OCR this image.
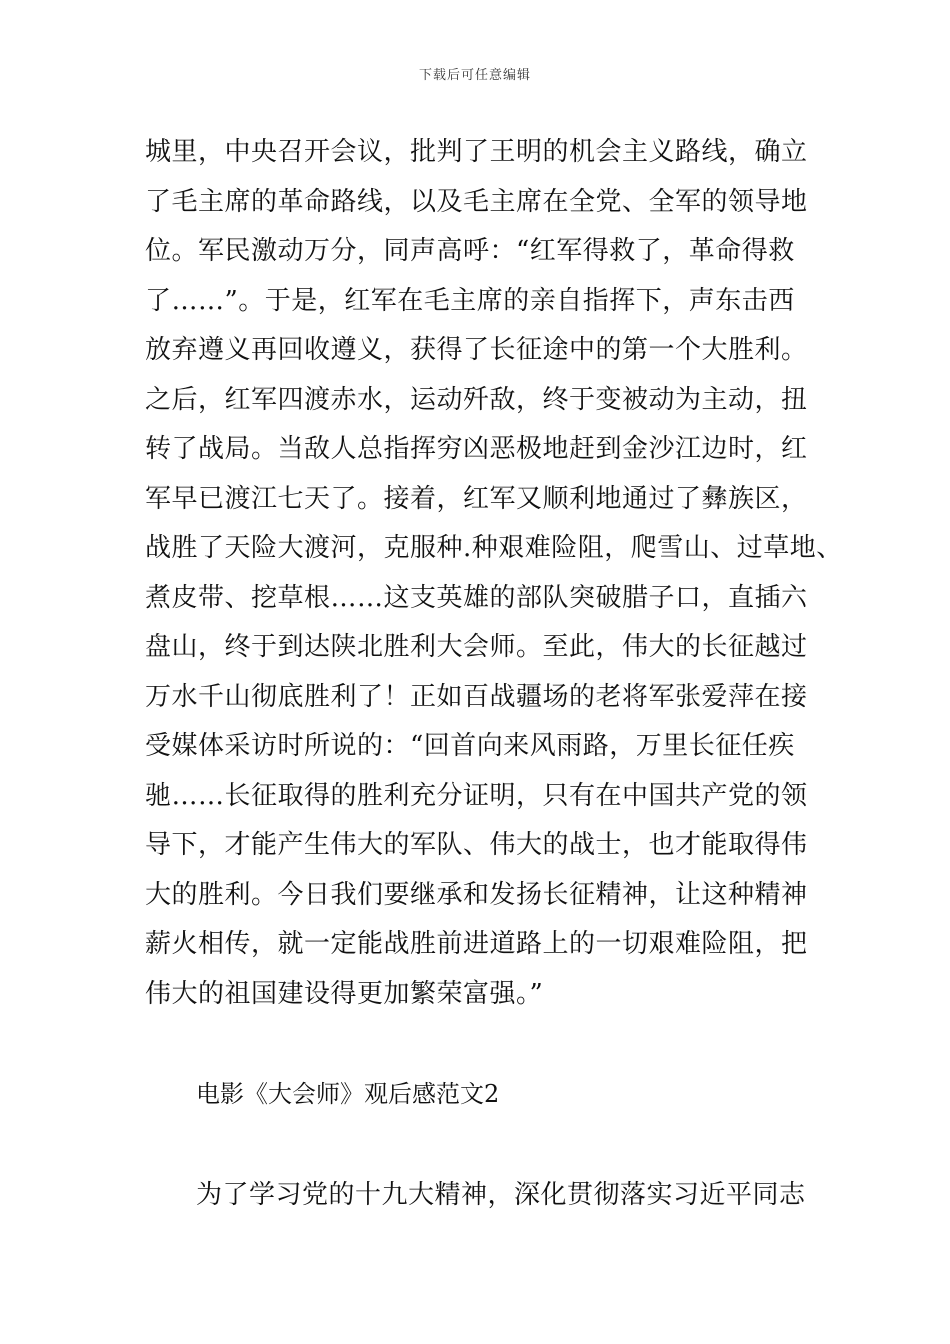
下载后可任意编辑
城里，中央召开会议，批判了王明的机会主义路线，确立
了毛主席的革命路线，以及毛主席在全党、全军的领导地
位。军民激动万分，同声高呼：“红军得救了，革命得救
了……”。于是，红军在毛主席的亲自指挥下，声东击西
放弃遵义再回收遵义，获得了长征途中的第一个大胜利。
之后，红军四渡赤水，运动歼敌，终于变被动为主动，扭
转了战局。当敌人总指挥穷凶恶极地赶到金沙江边时，红
军早已渡江七天了。接着，红军又顺利地通过了彝族区，
战胜了天险大渡河，克服种.种艰难险阻，爬雪山、过草地、
煮皮带、挖草根……这支英雄的部队突破腊子口，直插六
盘山，终于到达陕北胜利大会师。至此，伟大的长征越过
万水千山彻底胜利了！正如百战疆场的老将军张爱萍在接
受媒体采访时所说的：“回首向来风雨路，万里长征任疾
驰……长征取得的胜利充分证明，只有在中国共产党的领
导下，才能产生伟大的军队、伟大的战士，也才能取得伟
大的胜利。今日我们要继承和发扬长征精神，让这种精神
薪火相传，就一定能战胜前进道路上的一切艰难险阻，把
伟大的祖国建设得更加繁荣富强。”
电影《大会师》观后感范文2
为了学习党的十九大精神，深化贯彻落实习近平同志
